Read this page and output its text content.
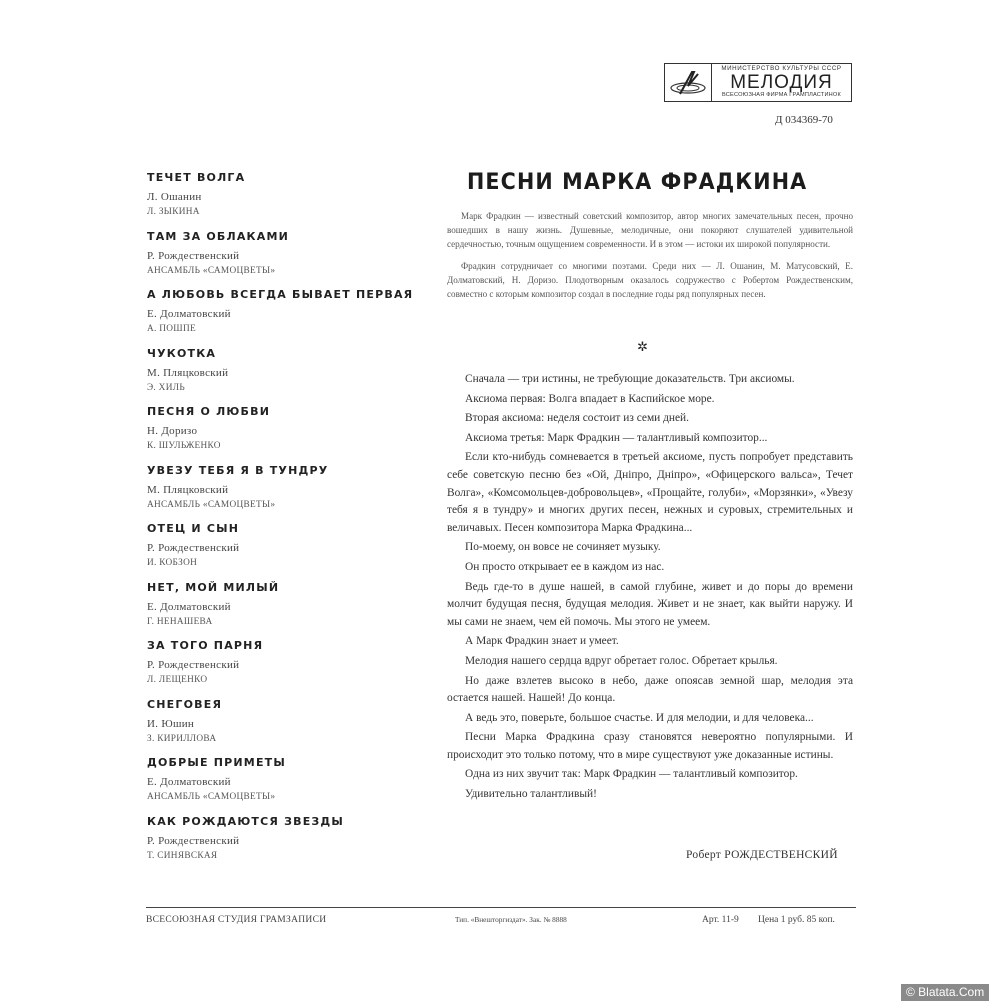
МИНИСТЕРСТВО КУЛЬТУРЫ СССР
МЕЛОДИЯ
ВСЕСОЮЗНАЯ ФИРМА ГРАМПЛАСТИНОК
Д 034369-70
ТЕЧЕТ ВОЛГА
Л. Ошанин
Л. ЗЫКИНА
ТАМ ЗА ОБЛАКАМИ
Р. Рождественский
АНСАМБЛЬ «САМОЦВЕТЫ»
А ЛЮБОВЬ ВСЕГДА БЫВАЕТ ПЕРВАЯ
Е. Долматовский
А. ПОШПЕ
ЧУКОТКА
М. Пляцковский
Э. ХИЛЬ
ПЕСНЯ О ЛЮБВИ
Н. Доризо
К. ШУЛЬЖЕНКО
УВЕЗУ ТЕБЯ Я В ТУНДРУ
М. Пляцковский
АНСАМБЛЬ «САМОЦВЕТЫ»
ОТЕЦ И СЫН
Р. Рождественский
И. КОБЗОН
НЕТ, МОЙ МИЛЫЙ
Е. Долматовский
Г. НЕНАШЕВА
ЗА ТОГО ПАРНЯ
Р. Рождественский
Л. ЛЕЩЕНКО
СНЕГОВЕЯ
И. Юшин
З. КИРИЛЛОВА
ДОБРЫЕ ПРИМЕТЫ
Е. Долматовский
АНСАМБЛЬ «САМОЦВЕТЫ»
КАК РОЖДАЮТСЯ ЗВЕЗДЫ
Р. Рождественский
Т. СИНЯВСКАЯ
ПЕСНИ МАРКА ФРАДКИНА

Марк Фрадкин — известный советский композитор, автор многих замечательных песен, прочно вошедших в нашу жизнь. Душевные, мелодичные, они покоряют слушателей удивительной сердечностью, точным ощущением современности. И в этом — истоки их широкой популярности.

Фрадкин сотрудничает со многими поэтами. Среди них — Л. Ошанин, М. Матусовский, Е. Долматовский, Н. Доризо. Плодотворным оказалось содружество с Робертом Рождественским, совместно с которым композитор создал в последние годы ряд популярных песен.

✲

Сначала — три истины, не требующие доказательств. Три аксиомы.

Аксиома первая: Волга впадает в Каспийское море.

Вторая аксиома: неделя состоит из семи дней.

Аксиома третья: Марк Фрадкин — талантливый композитор...

Если кто-нибудь сомневается в третьей аксиоме, пусть попробует представить себе советскую песню без «Ой, Дніпро, Дніпро», «Офицерского вальса», Течет Волга», «Комсомольцев-добровольцев», «Прощайте, голуби», «Морзянки», «Увезу тебя я в тундру» и многих других песен, нежных и суровых, стремительных и величавых. Песен композитора Марка Фрадкина...

По-моему, он вовсе не сочиняет музыку.

Он просто открывает ее в каждом из нас.

Ведь где-то в душе нашей, в самой глубине, живет и до поры до времени молчит будущая песня, будущая мелодия. Живет и не знает, как выйти наружу. И мы сами не знаем, чем ей помочь. Мы этого не умеем.

А Марк Фрадкин знает и умеет.

Мелодия нашего сердца вдруг обретает голос. Обретает крылья.

Но даже взлетев высоко в небо, даже опоясав земной шар, мелодия эта остается нашей. Нашей! До конца.

А ведь это, поверьте, большое счастье. И для мелодии, и для человека...

Песни Марка Фрадкина сразу становятся невероятно популярными. И происходит это только потому, что в мире существуют уже доказанные истины.

Одна из них звучит так: Марк Фрадкин — талантливый композитор.

Удивительно талантливый!

Роберт РОЖДЕСТВЕНСКИЙ
ВСЕСОЮЗНАЯ СТУДИЯ ГРАМЗАПИСИ	Тип. «Внешторгиздат». Зак. № 8888	Арт. 11-9 Цена 1 руб. 85 коп.
© Blatata.Com
